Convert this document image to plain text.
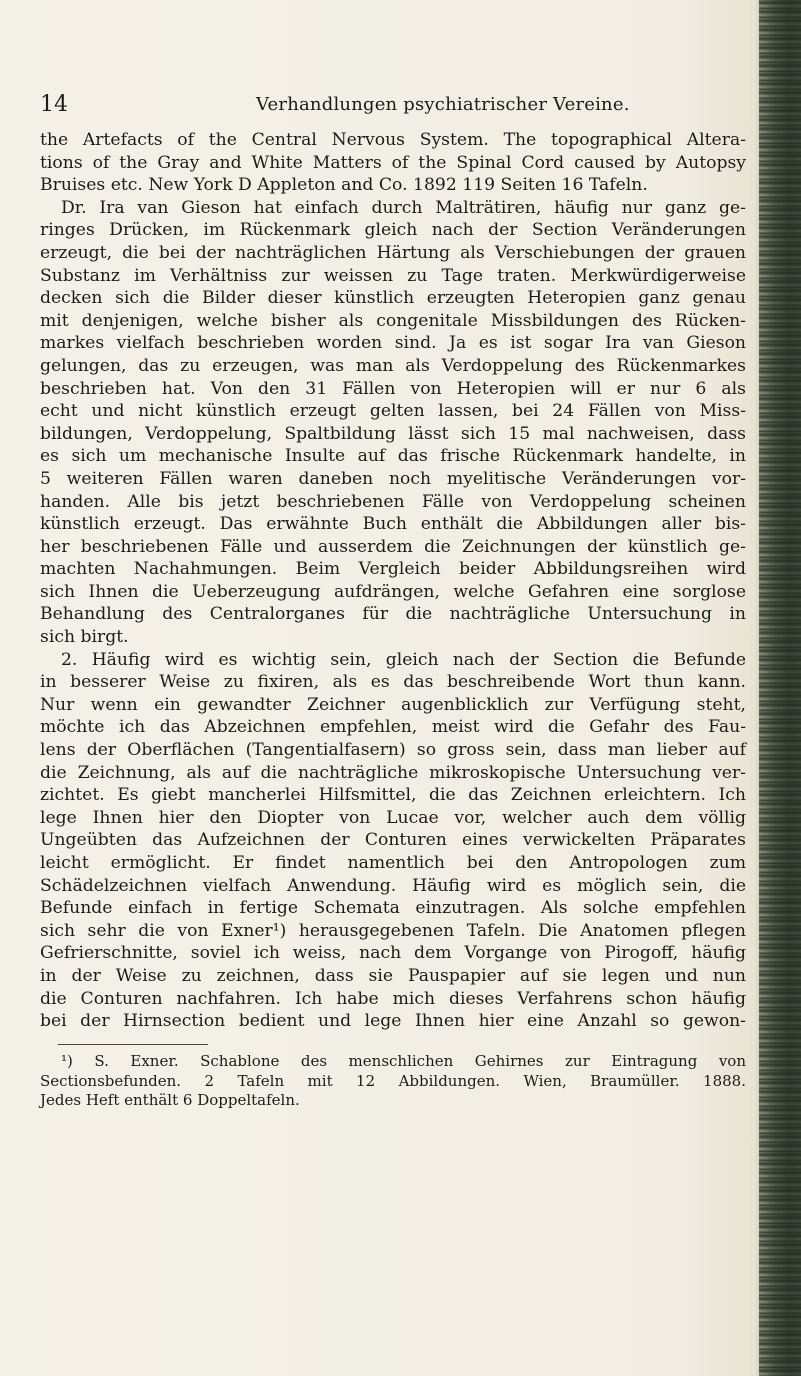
14	Verhandlungen psychiatrischer Vereine.
the Artefacts of the Central Nervous System. The topographical Altera-
tions of the Gray and White Matters of the Spinal Cord caused by Autopsy
Bruises etc. New York D Appleton and Co. 1892 119 Seiten 16 Tafeln.
Dr. Ira van Gieson hat einfach durch Malträtiren, häufig nur ganz ge-
ringes Drücken, im Rückenmark gleich nach der Section Veränderungen
erzeugt, die bei der nachträglichen Härtung als Verschiebungen der grauen
Substanz im Verhältniss zur weissen zu Tage traten. Merkwürdigerweise
decken sich die Bilder dieser künstlich erzeugten Heteropien ganz genau
mit denjenigen, welche bisher als congenitale Missbildungen des Rücken-
markes vielfach beschrieben worden sind. Ja es ist sogar Ira van Gieson
gelungen, das zu erzeugen, was man als Verdoppelung des Rückenmarkes
beschrieben hat. Von den 31 Fällen von Heteropien will er nur 6 als
echt und nicht künstlich erzeugt gelten lassen, bei 24 Fällen von Miss-
bildungen, Verdoppelung, Spaltbildung lässt sich 15 mal nachweisen, dass
es sich um mechanische Insulte auf das frische Rückenmark handelte, in
5 weiteren Fällen waren daneben noch myelitische Veränderungen vor-
handen. Alle bis jetzt beschriebenen Fälle von Verdoppelung scheinen
künstlich erzeugt. Das erwähnte Buch enthält die Abbildungen aller bis-
her beschriebenen Fälle und ausserdem die Zeichnungen der künstlich ge-
machten Nachahmungen. Beim Vergleich beider Abbildungsreihen wird
sich Ihnen die Ueberzeugung aufdrängen, welche Gefahren eine sorglose
Behandlung des Centralorganes für die nachträgliche Untersuchung in
sich birgt.
2. Häufig wird es wichtig sein, gleich nach der Section die Befunde
in besserer Weise zu fixiren, als es das beschreibende Wort thun kann.
Nur wenn ein gewandter Zeichner augenblicklich zur Verfügung steht,
möchte ich das Abzeichnen empfehlen, meist wird die Gefahr des Fau-
lens der Oberflächen (Tangentialfasern) so gross sein, dass man lieber auf
die Zeichnung, als auf die nachträgliche mikroskopische Untersuchung ver-
zichtet. Es giebt mancherlei Hilfsmittel, die das Zeichnen erleichtern. Ich
lege Ihnen hier den Diopter von Lucae vor, welcher auch dem völlig
Ungeübten das Aufzeichnen der Conturen eines verwickelten Präparates
leicht ermöglicht. Er findet namentlich bei den Antropologen zum
Schädelzeichnen vielfach Anwendung. Häufig wird es möglich sein, die
Befunde einfach in fertige Schemata einzutragen. Als solche empfehlen
sich sehr die von Exner¹) herausgegebenen Tafeln. Die Anatomen pflegen
Gefrierschnitte, soviel ich weiss, nach dem Vorgange von Pirogoff, häufig
in der Weise zu zeichnen, dass sie Pauspapier auf sie legen und nun
die Conturen nachfahren. Ich habe mich dieses Verfahrens schon häufig
bei der Hirnsection bedient und lege Ihnen hier eine Anzahl so gewon-
¹) S. Exner. Schablone des menschlichen Gehirnes zur Eintragung von
Sectionsbefunden. 2 Tafeln mit 12 Abbildungen. Wien, Braumüller. 1888.
Jedes Heft enthält 6 Doppeltafeln.
